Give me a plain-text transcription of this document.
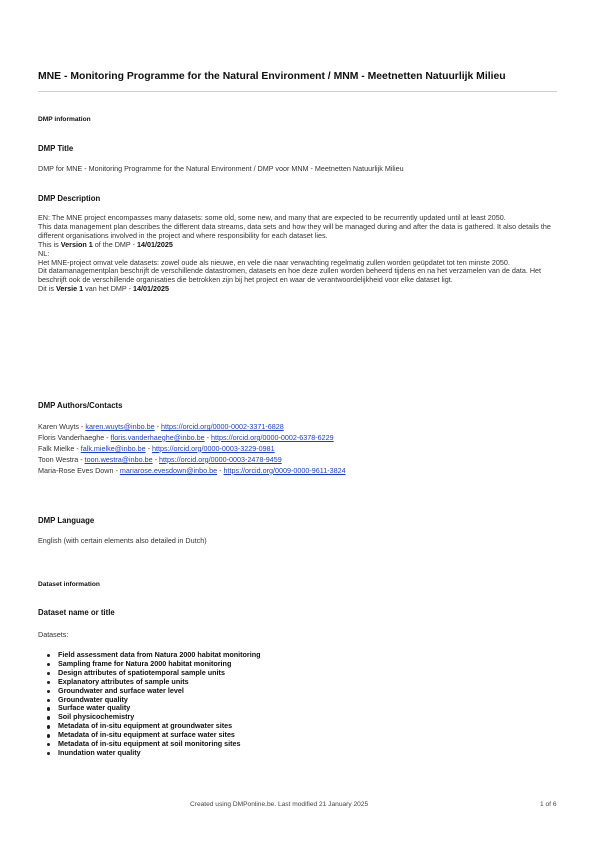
MNE - Monitoring Programme for the Natural Environment / MNM - Meetnetten Natuurlijk Milieu
DMP information
DMP Title
DMP for MNE - Monitoring Programme for the Natural Environment / DMP voor MNM - Meetnetten Natuurlijk Milieu
DMP Description

EN: The MNE project encompasses many datasets: some old, some new, and many that are expected to be recurrently updated until at least 2050.

This data management plan describes the different data streams, data sets and how they will be managed during and after the data is gathered. It also details the different organisations involved in the project and where responsibility for each dataset lies.

This is Version 1 of the DMP - 14/01/2025

NL:

Het MNE-project omvat vele datasets: zowel oude als nieuwe, en vele die naar verwachting regelmatig zullen worden geüpdatet tot ten minste 2050.

Dit datamanagementplan beschrijft de verschillende datastromen, datasets en hoe deze zullen worden beheerd tijdens en na het verzamelen van de data. Het beschrijft ook de verschillende organisaties die betrokken zijn bij het project en waar de verantwoordelijkheid voor elke dataset ligt.

Dit is Versie 1 van het DMP - 14/01/2025

DMP Authors/Contacts
Karen Wuyts - karen.wuyts@inbo.be - https://orcid.org/0000-0002-3371-6828
Floris Vanderhaeghe - floris.vanderhaeghe@inbo.be - https://orcid.org/0000-0002-6378-6229
Falk Mielke - falk.mielke@inbo.be - https://orcid.org/0000-0003-3229-0981
Toon Westra - toon.westra@inbo.be - https://orcid.org/0000-0003-2478-9459
Maria-Rose Eves Down - mariarose.evesdown@inbo.be - https://orcid.org/0009-0000-9611-3824
DMP Language
English (with certain elements also detailed in Dutch)
Dataset information
Dataset name or title
Datasets:
Field assessment data from Natura 2000 habitat monitoring
Sampling frame for Natura 2000 habitat monitoring
Design attributes of spatiotemporal sample units
Explanatory attributes of sample units
Groundwater and surface water level
Groundwater quality
Surface water quality
Soil physicochemistry
Metadata of in-situ equipment at groundwater sites
Metadata of in-situ equipment at surface water sites
Metadata of in-situ equipment at soil monitoring sites
Inundation water quality
Created using DMPonline.be. Last modified 21 January 2025	1 of 6
